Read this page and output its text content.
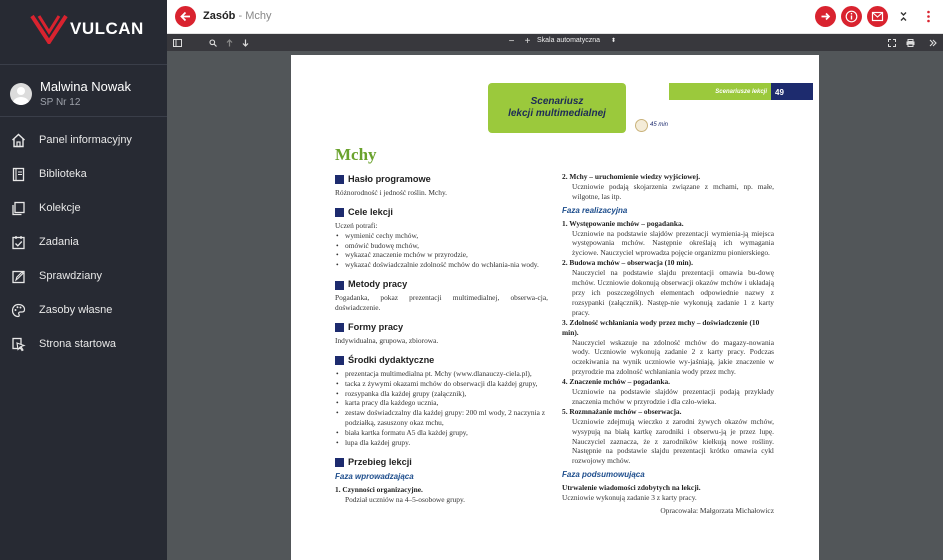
VULCAN
Malwina Nowak
SP Nr 12
Panel informacyjny
Biblioteka
Kolekcje
Zadania
Sprawdziany
Zasoby własne
Strona startowa
Zasób - Mchy
− + Skala automatyczna ⬍
Scenariusz
lekcji multimedialnej
Scenariusze lekcji	49
45 min
Mchy
Hasło programowe
Różnorodność i jedność roślin. Mchy.
Cele lekcji
Uczeń potrafi:
• wymienić cechy mchów,
• omówić budowę mchów,
• wykazać znaczenie mchów w przyrodzie,
• wykazać doświadczalnie zdolność mchów do wchłania-nia wody.
Metody pracy
Pogadanka, pokaz prezentacji multimedialnej, obserwa-cja, doświadczenie.
Formy pracy
Indywidualna, grupowa, zbiorowa.
Środki dydaktyczne
• prezentacja multimedialna pt. Mchy (www.dlanauczy-ciela.pl),
• tacka z żywymi okazami mchów do obserwacji dla każdej grupy,
• rozsypanka dla każdej grupy (załącznik),
• karta pracy dla każdego ucznia,
• zestaw doświadczalny dla każdej grupy: 200 ml wody, 2 naczynia z podziałką, zasuszony okaz mchu,
• biała kartka formatu A5 dla każdej grupy,
• lupa dla każdej grupy.
Przebieg lekcji
Faza wprowadzająca
1. Czynności organizacyjne.
Podział uczniów na 4–5-osobowe grupy.
2. Mchy – uruchomienie wiedzy wyjściowej.
Uczniowie podają skojarzenia związane z mchami, np. małe, wilgotne, las itp.
Faza realizacyjna
1. Występowanie mchów – pogadanka.
Uczniowie na podstawie slajdów prezentacji wymienia-ją miejsca występowania mchów. Następnie określają ich wymagania życiowe. Nauczyciel wprowadza pojęcie organizmu pionierskiego.
2. Budowa mchów – obserwacja (10 min).
Nauczyciel na podstawie slajdu prezentacji omawia bu-dowę mchów. Uczniowie dokonują obserwacji okazów mchów i układają przy ich poszczególnych elementach odpowiednie nazwy z rozsypanki (załącznik). Następ-nie wykonują zadanie 1 z karty pracy.
3. Zdolność wchłaniania wody przez mchy – doświadczenie (10 min).
Nauczyciel wskazuje na zdolność mchów do magazy-nowania wody. Uczniowie wykonują zadanie 2 z karty pracy. Podczas oczekiwania na wynik uczniowie wy-jaśniają, jakie znaczenie w przyrodzie ma zdolność wchłaniania wody przez mchy.
4. Znaczenie mchów – pogadanka.
Uczniowie na podstawie slajdów prezentacji podają przykłady znaczenia mchów w przyrodzie i dla czło-wieka.
5. Rozmnażanie mchów – obserwacja.
Uczniowie zdejmują wieczko z zarodni żywych okazów mchów, wysypują na białą kartkę zarodniki i obserwu-ją je przez lupę. Nauczyciel zaznacza, że z zarodników kiełkują nowe rośliny. Następnie na podstawie slajdu prezentacji krótko omawia cykl rozwojowy mchów.
Faza podsumowująca
Utrwalenie wiadomości zdobytych na lekcji.
Uczniowie wykonują zadanie 3 z karty pracy.
Opracowała: Małgorzata Michałowicz
